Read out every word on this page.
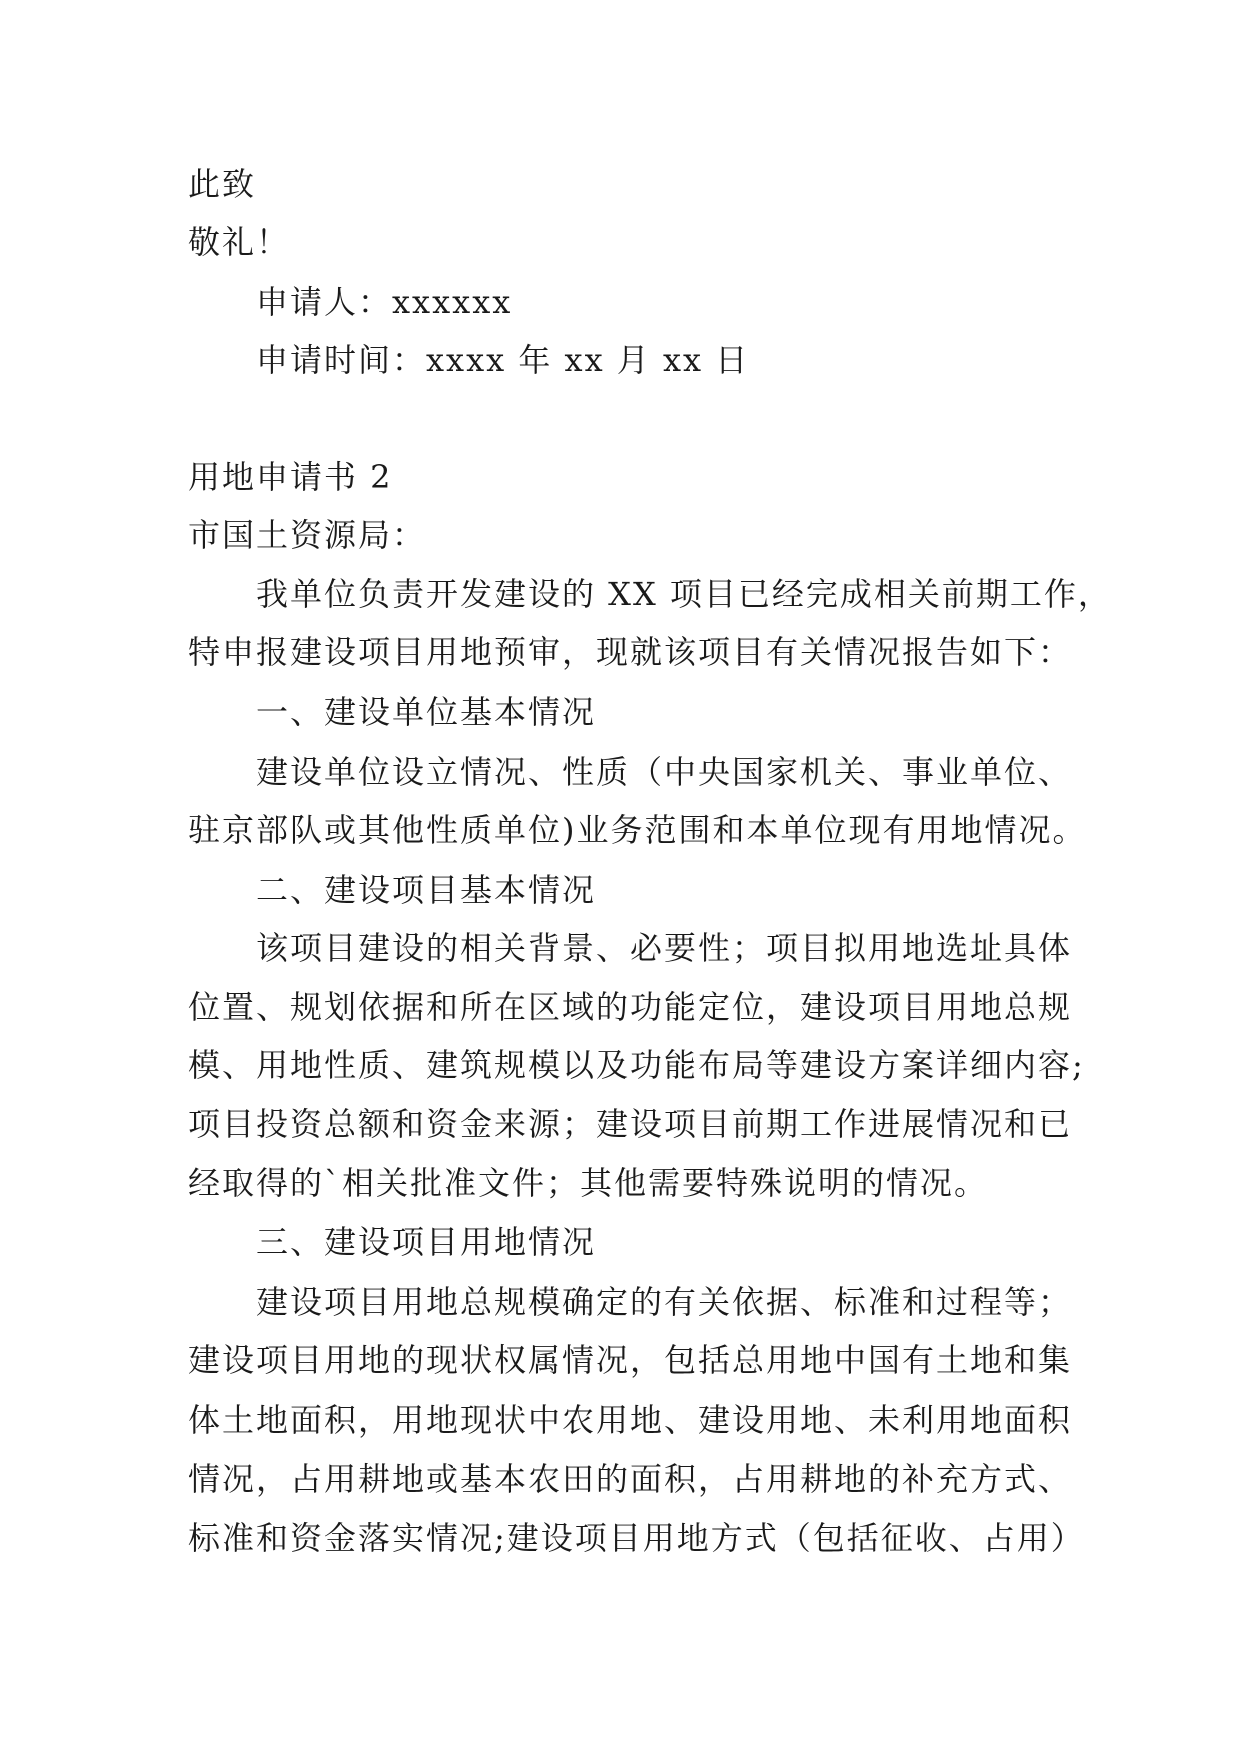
此致
敬礼！
申请人：xxxxxx
申请时间：xxxx 年 xx 月 xx 日
用地申请书 2
市国土资源局：
我单位负责开发建设的 XX 项目已经完成相关前期工作，
特申报建设项目用地预审，现就该项目有关情况报告如下：
一、建设单位基本情况
建设单位设立情况、性质（中央国家机关、事业单位、
驻京部队或其他性质单位)业务范围和本单位现有用地情况。
二、建设项目基本情况
该项目建设的相关背景、必要性；项目拟用地选址具体
位置、规划依据和所在区域的功能定位，建设项目用地总规
模、用地性质、建筑规模以及功能布局等建设方案详细内容;
项目投资总额和资金来源；建设项目前期工作进展情况和已
经取得的`相关批准文件；其他需要特殊说明的情况。
三、建设项目用地情况
建设项目用地总规模确定的有关依据、标准和过程等；
建设项目用地的现状权属情况，包括总用地中国有土地和集
体土地面积，用地现状中农用地、建设用地、未利用地面积
情况，占用耕地或基本农田的面积，占用耕地的补充方式、
标准和资金落实情况;建设项目用地方式（包括征收、占用）
